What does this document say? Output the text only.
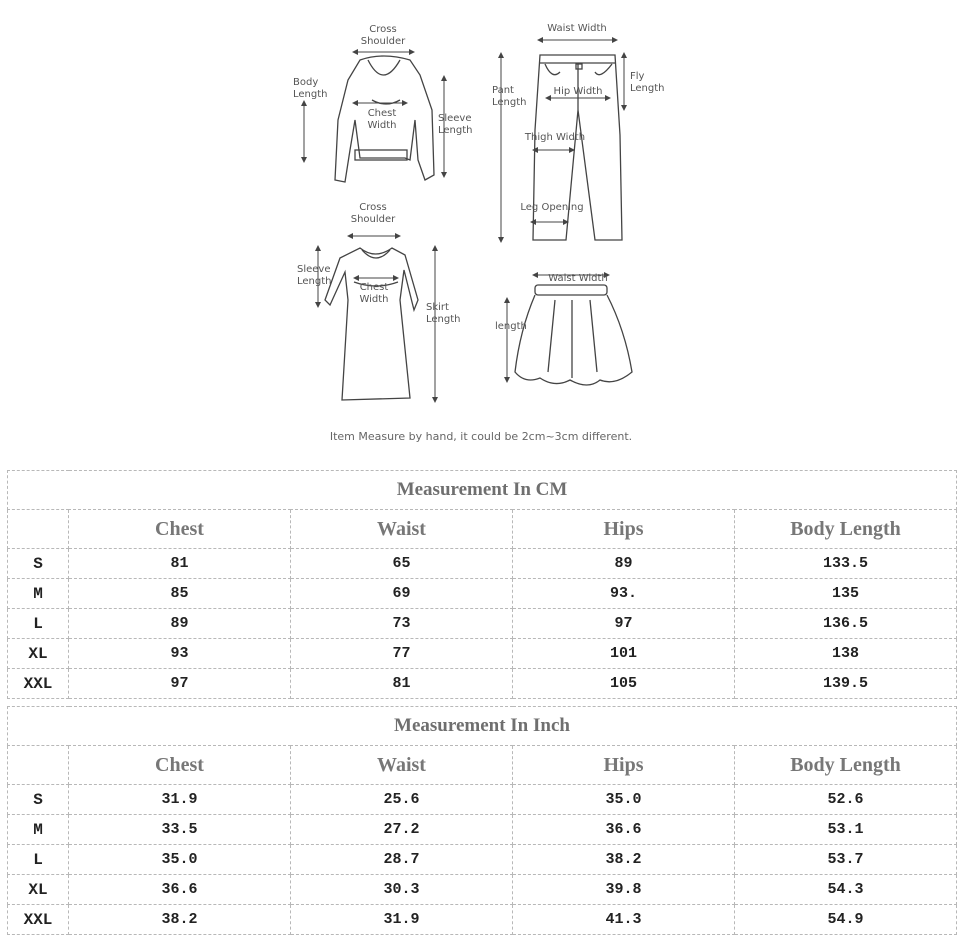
Cross
Shoulder
Body
Length
Chest
Width
Sleeve
Length
Waist Width
Pant
Length
Hip Width
Fly
Length
Thigh Width
Leg Opening
Cross
Shoulder
Sleeve
Length
Chest
Width
Skirt
Length
Waist Width
length
Item Measure by hand, it could be 2cm~3cm different.
Measurement In CM				
	Chest	Waist	Hips	Body Length
S	81	65	89	133.5
M	85	69	93.	135
L	89	73	97	136.5
XL	93	77	101	138
XXL	97	81	105	139.5
Measurement In Inch				
	Chest	Waist	Hips	Body Length
S	31.9	25.6	35.0	52.6
M	33.5	27.2	36.6	53.1
L	35.0	28.7	38.2	53.7
XL	36.6	30.3	39.8	54.3
XXL	38.2	31.9	41.3	54.9
